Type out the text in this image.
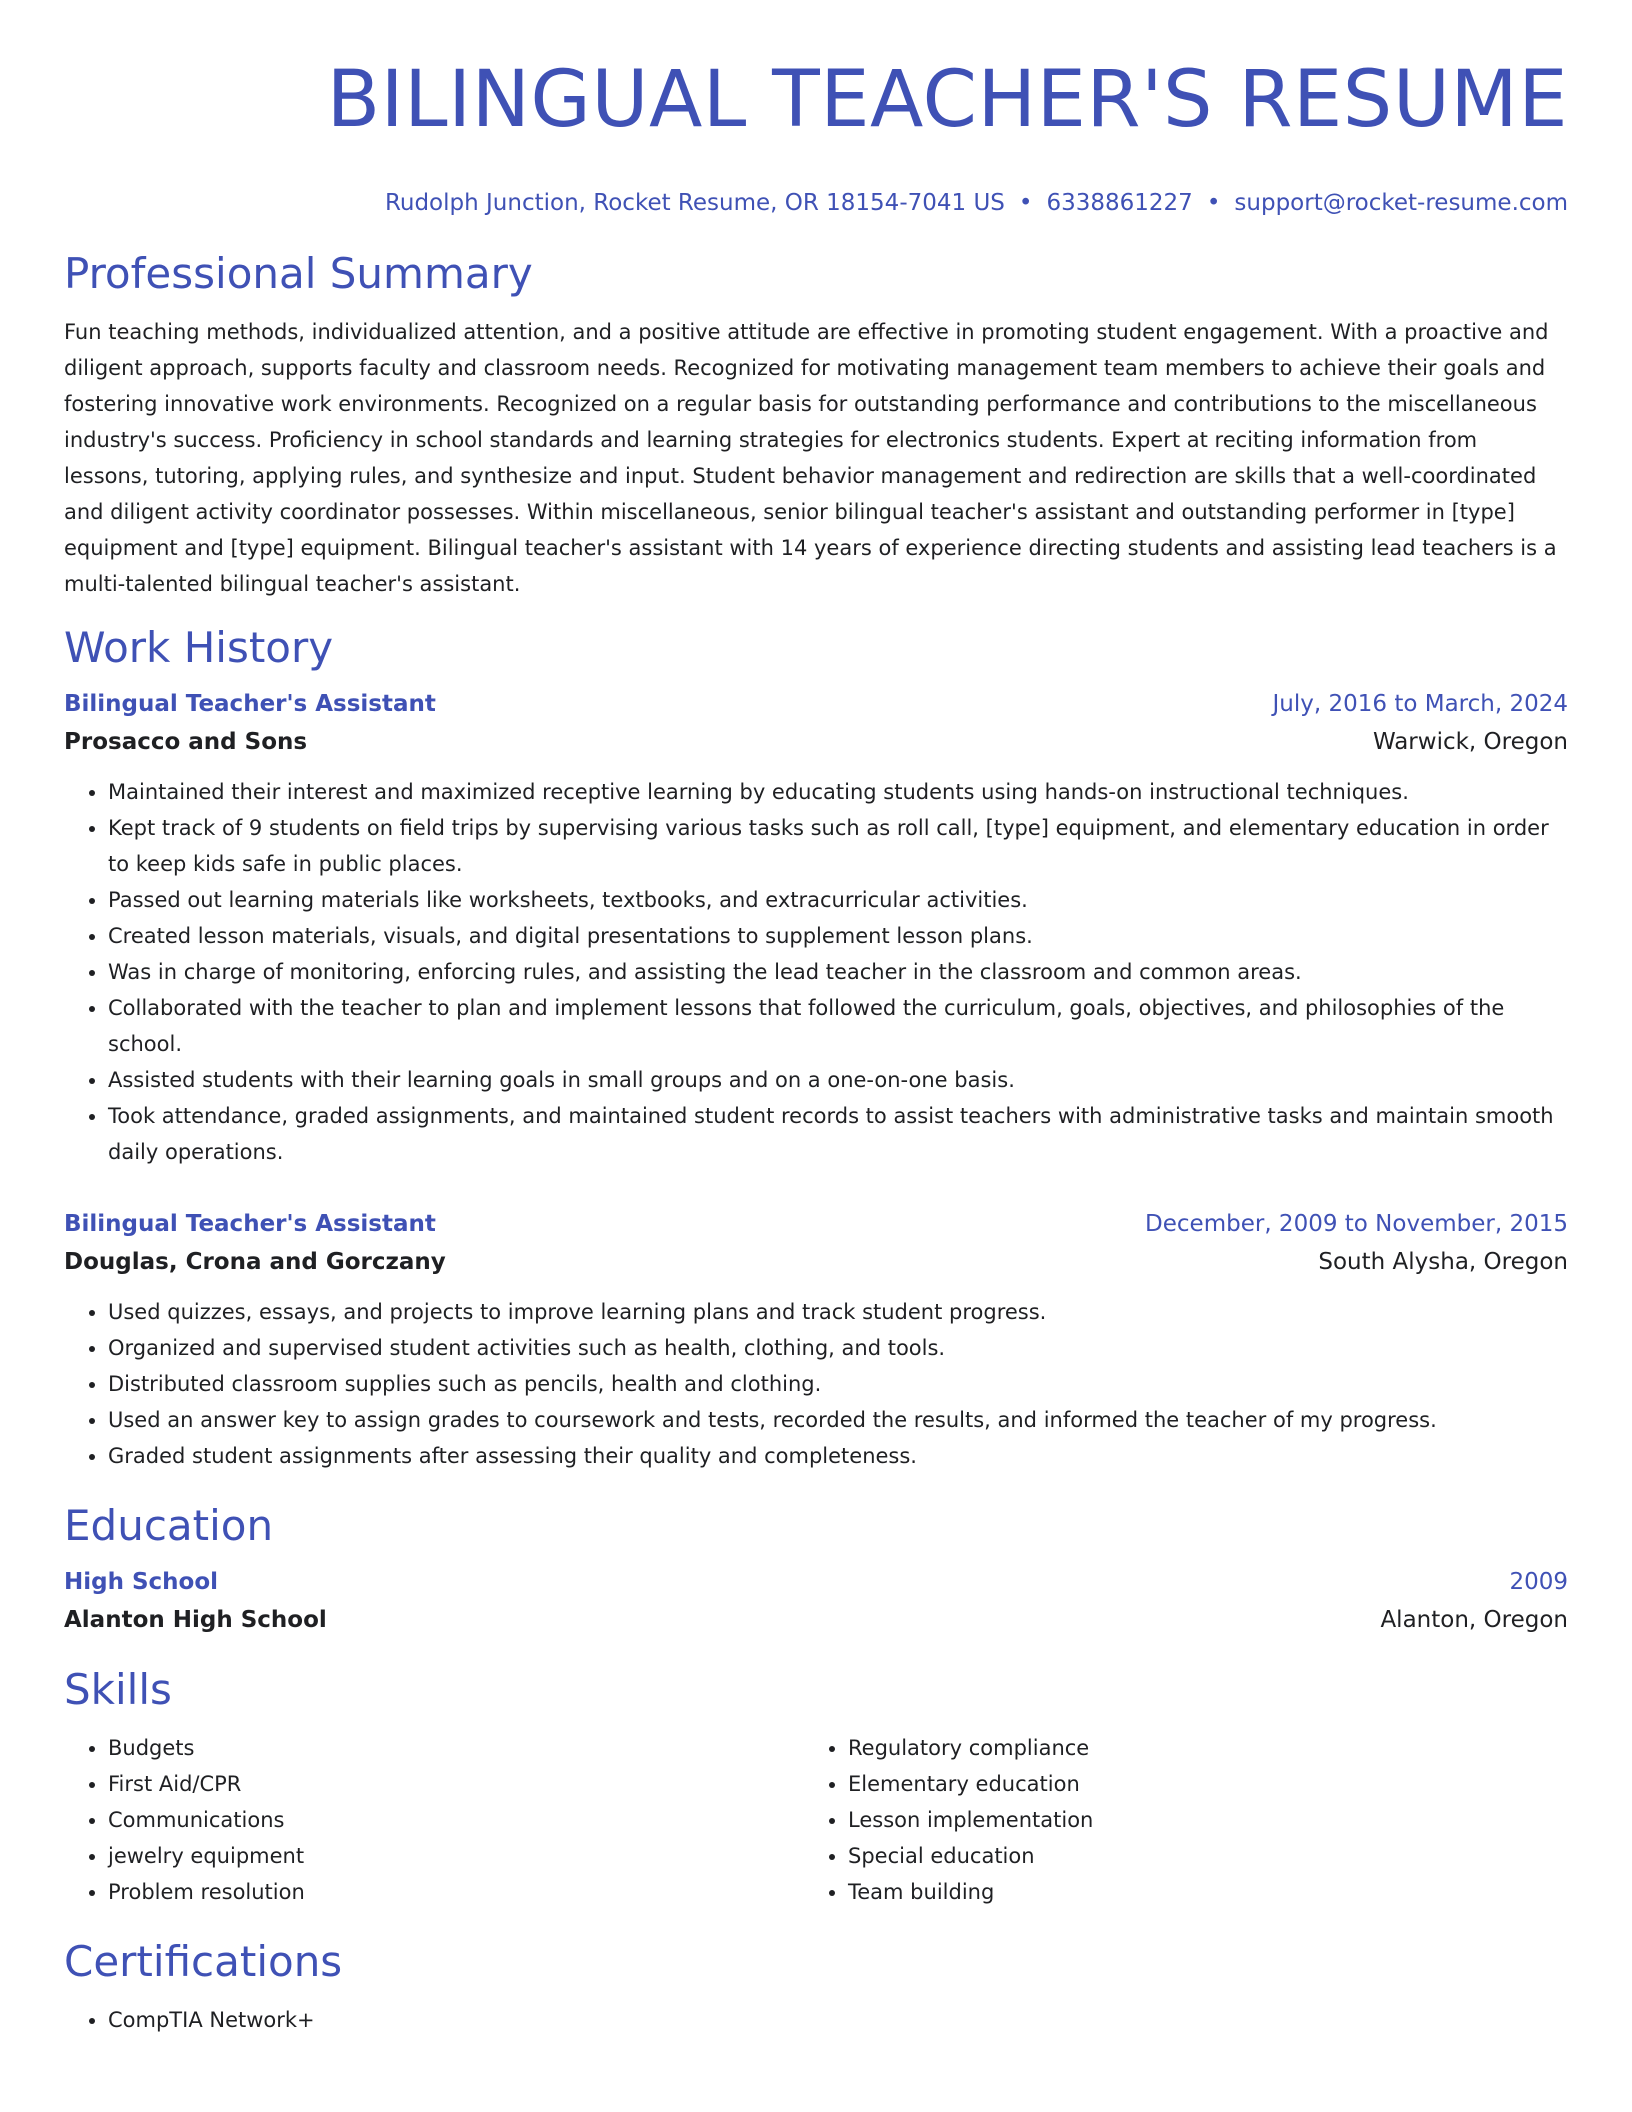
BILINGUAL TEACHER'S RESUME
Rudolph Junction, Rocket Resume, OR 18154-7041 US • 6338861227 • support@rocket-resume.com
Professional Summary
Fun teaching methods, individualized attention, and a positive attitude are effective in promoting student engagement. With a proactive and diligent approach, supports faculty and classroom needs. Recognized for motivating management team members to achieve their goals and fostering innovative work environments. Recognized on a regular basis for outstanding performance and contributions to the miscellaneous industry's success. Proficiency in school standards and learning strategies for electronics students. Expert at reciting information from lessons, tutoring, applying rules, and synthesize and input. Student behavior management and redirection are skills that a well-coordinated and diligent activity coordinator possesses. Within miscellaneous, senior bilingual teacher's assistant and outstanding performer in [type] equipment and [type] equipment. Bilingual teacher's assistant with 14 years of experience directing students and assisting lead teachers is a multi-talented bilingual teacher's assistant.
Work History
Bilingual Teacher's Assistant	July, 2016 to March, 2024
Prosacco and Sons	Warwick, Oregon
• Maintained their interest and maximized receptive learning by educating students using hands-on instructional techniques.
• Kept track of 9 students on field trips by supervising various tasks such as roll call, [type] equipment, and elementary education in order to keep kids safe in public places.
• Passed out learning materials like worksheets, textbooks, and extracurricular activities.
• Created lesson materials, visuals, and digital presentations to supplement lesson plans.
• Was in charge of monitoring, enforcing rules, and assisting the lead teacher in the classroom and common areas.
• Collaborated with the teacher to plan and implement lessons that followed the curriculum, goals, objectives, and philosophies of the school.
• Assisted students with their learning goals in small groups and on a one-on-one basis.
• Took attendance, graded assignments, and maintained student records to assist teachers with administrative tasks and maintain smooth daily operations.
Bilingual Teacher's Assistant	December, 2009 to November, 2015
Douglas, Crona and Gorczany	South Alysha, Oregon
• Used quizzes, essays, and projects to improve learning plans and track student progress.
• Organized and supervised student activities such as health, clothing, and tools.
• Distributed classroom supplies such as pencils, health and clothing.
• Used an answer key to assign grades to coursework and tests, recorded the results, and informed the teacher of my progress.
• Graded student assignments after assessing their quality and completeness.
Education
High School	2009
Alanton High School	Alanton, Oregon
Skills
• Budgets
• First Aid/CPR
• Communications
• jewelry equipment
• Problem resolution
• Regulatory compliance
• Elementary education
• Lesson implementation
• Special education
• Team building
Certifications
• CompTIA Network+
